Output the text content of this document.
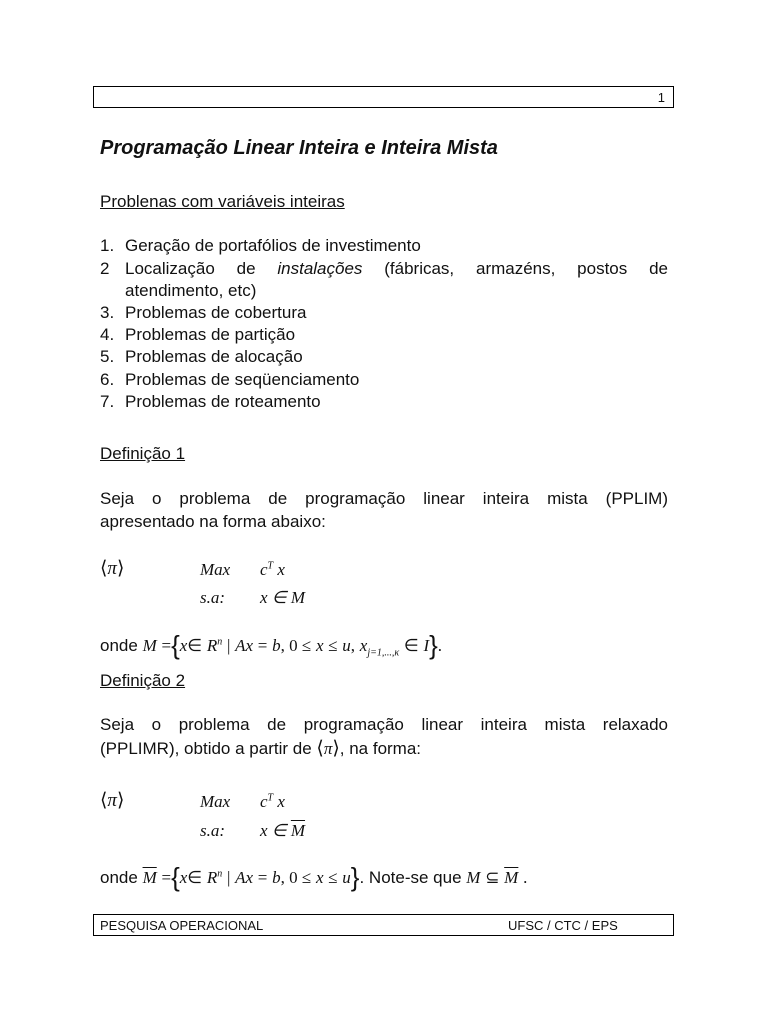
1
Programação Linear Inteira e Inteira Mista
Problenas com variáveis inteiras
1. Geração de portafólios de investimento
2 Localização de instalações (fábricas, armazéns, postos de
atendimento, etc)
3. Problemas de cobertura
4. Problemas de partição
5. Problemas de alocação
6. Problemas de seqüenciamento
7. Problemas de roteamento
Definição 1
Seja o problema de programação linear inteira mista (PPLIM)
apresentado na forma abaixo:
⟨π⟩	Max $c^T$ x
s.a: x ∈ M
onde M ={x∈ $R^n$ | Ax = b, 0 ≤ x ≤ u, $x_{j=1,...,\kappa}$ ∈ I}.
Definição 2
Seja o problema de programação linear inteira mista relaxado
(PPLIMR), obtido a partir de ⟨π⟩, na forma:
⟨π⟩	Max $c^T$ x
s.a: x ∈ $\overline{M}$
onde $\overline{M}$ ={x∈ $R^n$ | Ax = b, 0 ≤ x ≤ u}. Note-se que M ⊆ $\overline{M}$ .
PESQUISA OPERACIONAL	UFSC / CTC / EPS
